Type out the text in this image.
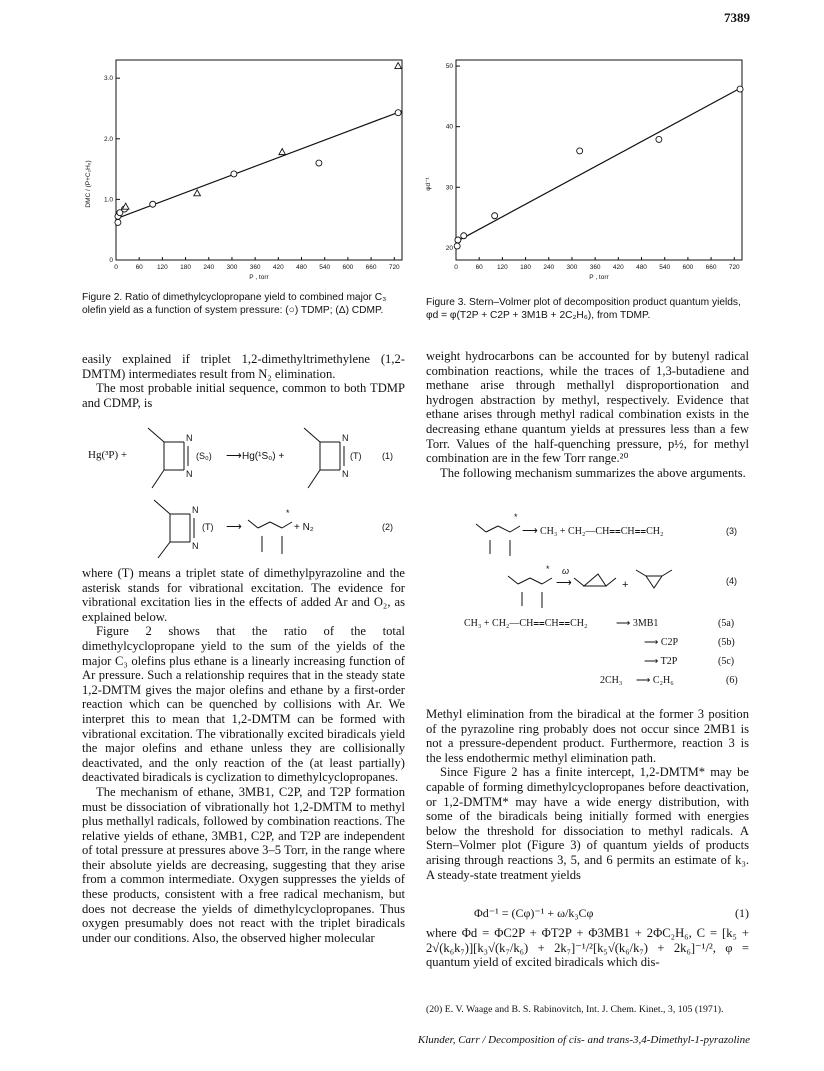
7389
0	60 120 180 240 300 360 420 480 540 600 660 720
0
1.0
2.0
3.0
P , torr
DMC / (P+C₂H₆)
Figure 2. Ratio of dimethylcyclopropane yield to combined major C₃ olefin yield as a function of system pressure: (○) TDMP; (Δ) CDMP.
0	60 120 180 240 300 360 420 480 540 600 660 720
20
30
40
50
P , torr
φd⁻¹
Figure 3. Stern–Volmer plot of decomposition product quantum yields, φd = φ(T2P + C2P + 3M1B + 2C₂H₆), from TDMP.

easily explained if triplet 1,2-dimethyltrimethylene (1,2-DMTM) intermediates result from N₂ elimination.

The most probable initial sequence, common to both TDMP and CDMP, is

Hg(³P) +
N
N
(S₀) ⟶ Hg(¹S₀) +
N
N
(T) (1)
N
N
(T) ⟶
*
+ N₂	(2)

where (T) means a triplet state of dimethylpyrazoline and the asterisk stands for vibrational excitation. The evidence for vibrational excitation lies in the effects of added Ar and O₂, as explained below.

Figure 2 shows that the ratio of the total dimethylcyclopropane yield to the sum of the yields of the major C₃ olefins plus ethane is a linearly increasing function of Ar pressure. Such a relationship requires that in the steady state 1,2-DMTM gives the major olefins and ethane by a first-order reaction which can be quenched by collisions with Ar. We interpret this to mean that 1,2-DMTM can be formed with vibrational excitation. The vibrationally excited biradicals yield the major olefins and ethane unless they are collisionally deactivated, and the only reaction of the (at least partially) deactivated biradicals is cyclization to dimethylcyclopropanes.

The mechanism of ethane, 3MB1, C2P, and T2P formation must be dissociation of vibrationally hot 1,2-DMTM to methyl plus methallyl radicals, followed by combination reactions. The relative yields of ethane, 3MB1, C2P, and T2P are independent of total pressure at pressures above 3–5 Torr, in the range where their absolute yields are decreasing, suggesting that they arise from a common intermediate. Oxygen suppresses the yields of these products, consistent with a free radical mechanism, but does not decrease the yields of dimethylcyclopropanes. Thus oxygen presumably does not react with the triplet biradicals under our conditions. Also, the observed higher molecular

weight hydrocarbons can be accounted for by butenyl radical combination reactions, while the traces of 1,3-butadiene and methane arise through methallyl disproportionation and hydrogen abstraction by methyl, respectively. Evidence that ethane arises through methyl radical combination exists in the decreasing ethane quantum yields at pressures less than a few Torr. Values of the half-quenching pressure, p½, for methyl combination are in the few Torr range.²⁰

The following mechanism summarizes the above arguments.

*
⟶ CH₃ + CH₂—CH⩵CH⩵CH₂	(3)
* ω
⟶	+	(4)
CH₃ + CH₂—CH⩵CH⩵CH₂	⟶ 3MB1	(5a)
⟶ C2P	(5b)
⟶ T2P	(5c)
2CH₃ ⟶ C₂H₆	(6)

Methyl elimination from the biradical at the former 3 position of the pyrazoline ring probably does not occur since 2MB1 is not a pressure-dependent product. Furthermore, reaction 3 is the less endothermic methyl elimination path.

Since Figure 2 has a finite intercept, 1,2-DMTM* may be capable of forming dimethylcyclopropanes before deactivation, or 1,2-DMTM* may have a wide energy distribution, with some of the biradicals being initially formed with energies below the threshold for dissociation to methyl radicals. A Stern–Volmer plot (Figure 3) of quantum yields of products arising through reactions 3, 5, and 6 permits an estimate of k₃. A steady-state treatment yields

Φd⁻¹ = (Cφ)⁻¹ + ω/k₃Cφ	(1)

where Φd = ΦC2P + ΦT2P + Φ3MB1 + 2ΦC₂H₆, C = [k₅ + 2√(k₆k₇)][k₃√(k₇/k₆) + 2k₇]⁻¹/²[k₅√(k₆/k₇) + 2k₆]⁻¹/², φ = quantum yield of excited biradicals which dis-

(20) E. V. Waage and B. S. Rabinovitch, Int. J. Chem. Kinet., 3, 105 (1971).
Klunder, Carr / Decomposition of cis- and trans-3,4-Dimethyl-1-pyrazoline
